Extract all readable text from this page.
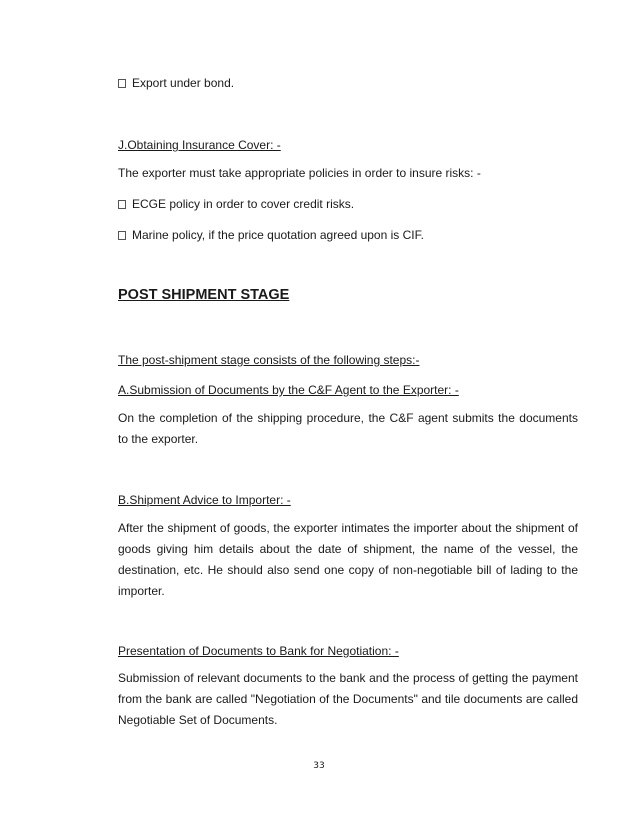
Export under bond.
J.Obtaining Insurance Cover: -
The exporter must take appropriate policies in order to insure risks: -
ECGE policy in order to cover credit risks.
Marine policy, if the price quotation agreed upon is CIF.
POST SHIPMENT STAGE
The post-shipment stage consists of the following steps:-
A.Submission of Documents by the C&F Agent to the Exporter: -
On the completion of the shipping procedure, the C&F agent submits the documents to the exporter.
B.Shipment Advice to Importer: -
After the shipment of goods, the exporter intimates the importer about the shipment of goods giving him details about the date of shipment, the name of the vessel, the destination, etc. He should also send one copy of non-negotiable bill of lading to the importer.
Presentation of Documents to Bank for Negotiation: -
Submission of relevant documents to the bank and the process of getting the payment from the bank are called "Negotiation of the Documents" and tile documents are called Negotiable Set of Documents.
33
